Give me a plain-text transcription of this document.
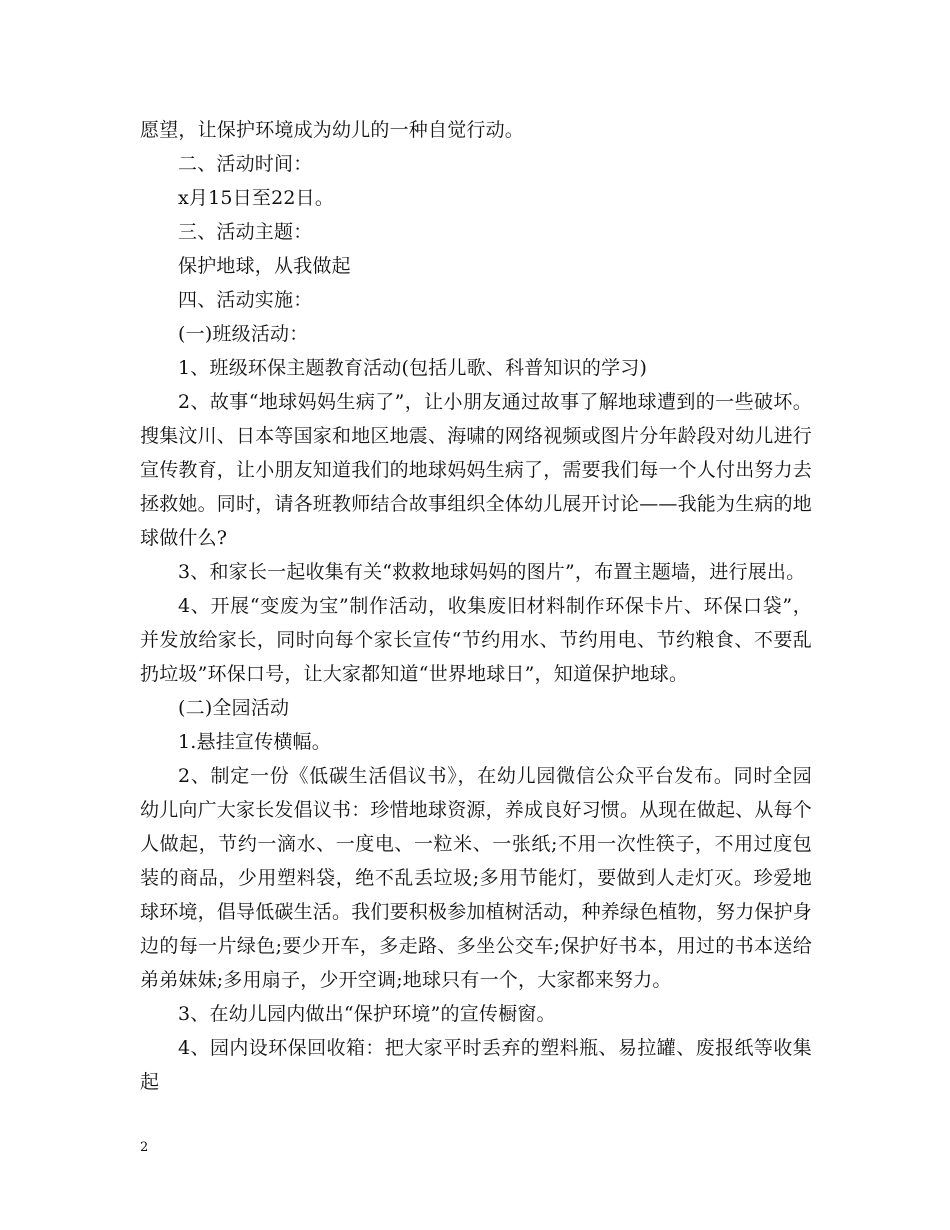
愿望，让保护环境成为幼儿的一种自觉行动。

二、活动时间：

x月15日至22日。

三、活动主题：

保护地球，从我做起

四、活动实施：

(一)班级活动：

1、班级环保主题教育活动(包括儿歌、科普知识的学习)

2、故事“地球妈妈生病了”，让小朋友通过故事了解地球遭到的一些破坏。搜集汶川、日本等国家和地区地震、海啸的网络视频或图片分年龄段对幼儿进行宣传教育，让小朋友知道我们的地球妈妈生病了，需要我们每一个人付出努力去拯救她。同时，请各班教师结合故事组织全体幼儿展开讨论——我能为生病的地球做什么?

3、和家长一起收集有关“救救地球妈妈的图片”，布置主题墙，进行展出。

4、开展“变废为宝”制作活动，收集废旧材料制作环保卡片、环保口袋”，并发放给家长，同时向每个家长宣传“节约用水、节约用电、节约粮食、不要乱扔垃圾”环保口号，让大家都知道“世界地球日”，知道保护地球。

(二)全园活动

1.悬挂宣传横幅。

2、制定一份《低碳生活倡议书》，在幼儿园微信公众平台发布。同时全园幼儿向广大家长发倡议书：珍惜地球资源，养成良好习惯。从现在做起、从每个人做起，节约一滴水、一度电、一粒米、一张纸;不用一次性筷子，不用过度包装的商品，少用塑料袋，绝不乱丢垃圾;多用节能灯，要做到人走灯灭。珍爱地球环境，倡导低碳生活。我们要积极参加植树活动，种养绿色植物，努力保护身边的每一片绿色;要少开车，多走路、多坐公交车;保护好书本，用过的书本送给弟弟妹妹;多用扇子，少开空调;地球只有一个，大家都来努力。

3、在幼儿园内做出“保护环境”的宣传橱窗。

4、园内设环保回收箱：把大家平时丢弃的塑料瓶、易拉罐、废报纸等收集起

2
